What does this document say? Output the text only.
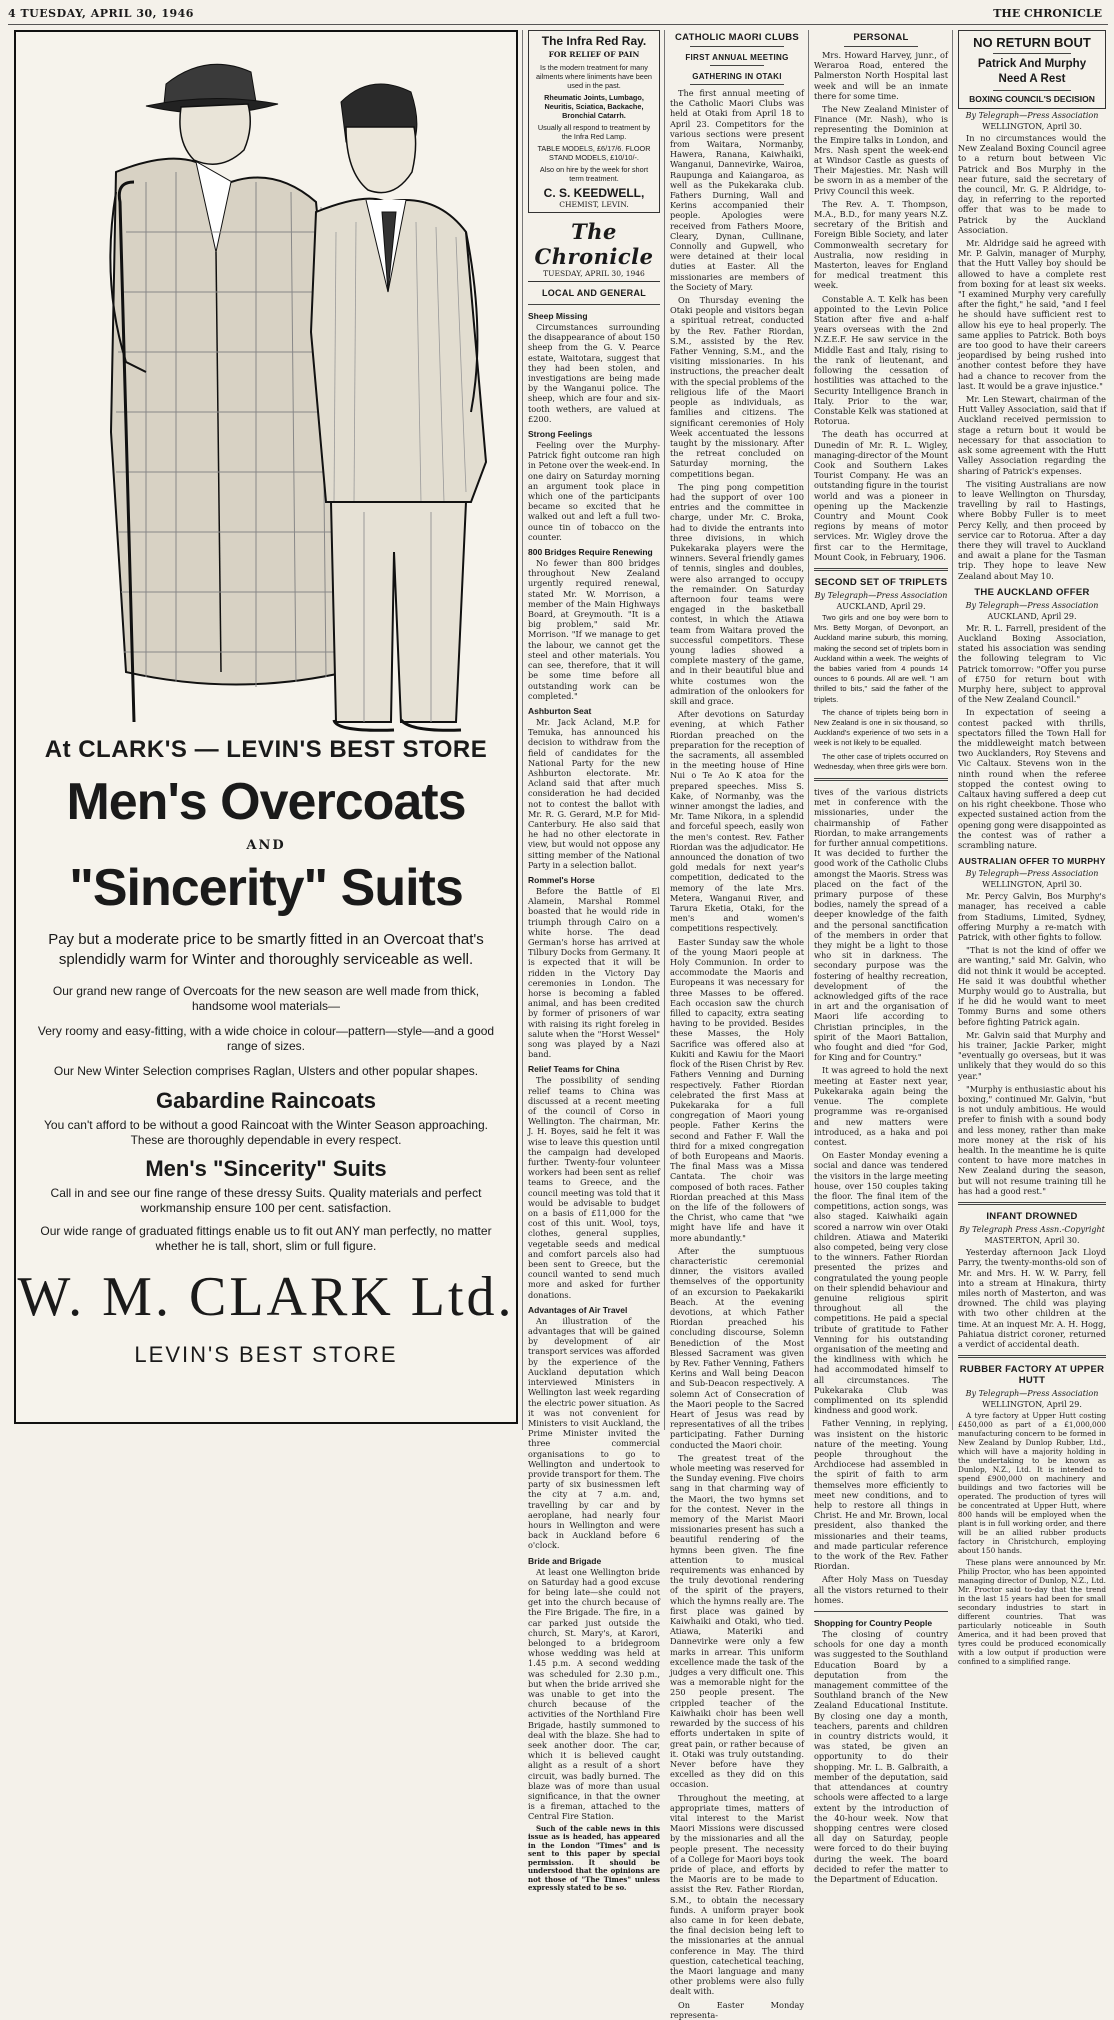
4 TUESDAY, APRIL 30, 1946	THE CHRONICLE
At CLARK'S — LEVIN'S BEST STORE
Men's Overcoats
AND
"Sincerity" Suits
Pay but a moderate price to be smartly fitted in an Overcoat that's splendidly warm for Winter and thoroughly serviceable as well.
Our grand new range of Overcoats for the new season are well made from thick, handsome wool materials—
Very roomy and easy-fitting, with a wide choice in colour—pattern—style—and a good range of sizes.
Our New Winter Selection comprises Raglan, Ulsters and other popular shapes.
Gabardine Raincoats
You can't afford to be without a good Raincoat with the Winter Season approaching. These are thoroughly dependable in every respect.
Men's "Sincerity" Suits
Call in and see our fine range of these dressy Suits. Quality materials and perfect workmanship ensure 100 per cent. satisfaction.
Our wide range of graduated fittings enable us to fit out ANY man perfectly, no matter whether he is tall, short, slim or full figure.
W. M. CLARK Ltd.
LEVIN'S BEST STORE
The Infra Red Ray.
FOR RELIEF OF PAIN
Is the modern treatment for many ailments where liniments have been used in the past.
Rheumatic Joints, Lumbago, Neuritis, Sciatica, Backache, Bronchial Catarrh.
Usually all respond to treatment by the Infra Red Lamp.
TABLE MODELS, £6/17/6. FLOOR STAND MODELS, £10/10/-.
Also on hire by the week for short term treatment.
C. S. KEEDWELL,
CHEMIST, LEVIN.
The Chronicle
TUESDAY, APRIL 30, 1946
LOCAL AND GENERAL
Sheep Missing

Circumstances surrounding the disappearance of about 150 sheep from the G. V. Pearce estate, Waitotara, suggest that they had been stolen, and investigations are being made by the Wanganui police. The sheep, which are four and six-tooth wethers, are valued at £200.

Strong Feelings

Feeling over the Murphy-Patrick fight outcome ran high in Petone over the week-end. In one dairy on Saturday morning an argument took place in which one of the participants became so excited that he walked out and left a full two-ounce tin of tobacco on the counter.

800 Bridges Require Renewing

No fewer than 800 bridges throughout New Zealand urgently required renewal, stated Mr. W. Morrison, a member of the Main Highways Board, at Greymouth. "It is a big problem," said Mr. Morrison. "If we manage to get the labour, we cannot get the steel and other materials. You can see, therefore, that it will be some time before all outstanding work can be completed."

Ashburton Seat

Mr. Jack Acland, M.P. for Temuka, has announced his decision to withdraw from the field of candidates for the National Party for the new Ashburton electorate. Mr. Acland said that after much consideration he had decided not to contest the ballot with Mr. R. G. Gerard, M.P. for Mid-Canterbury. He also said that he had no other electorate in view, but would not oppose any sitting member of the National Party in a selection ballot.

Rommel's Horse

Before the Battle of El Alamein, Marshal Rommel boasted that he would ride in triumph through Cairo on a white horse. The dead German's horse has arrived at Tilbury Docks from Germany. It is expected that it will be ridden in the Victory Day ceremonies in London. The horse is becoming a fabled animal, and has been credited by former of prisoners of war with raising its right foreleg in salute when the "Horst Wessel" song was played by a Nazi band.

Relief Teams for China

The possibility of sending relief teams to China was discussed at a recent meeting of the council of Corso in Wellington. The chairman, Mr. J. H. Boyes, said he felt it was wise to leave this question until the campaign had developed further. Twenty-four volunteer workers had been sent as relief teams to Greece, and the council meeting was told that it would be advisable to budget on a basis of £11,000 for the cost of this unit. Wool, toys, clothes, general supplies, vegetable seeds and medical and comfort parcels also had been sent to Greece, but the council wanted to send much more and asked for further donations.

Advantages of Air Travel

An illustration of the advantages that will be gained by development of air transport services was afforded by the experience of the Auckland deputation which interviewed Ministers in Wellington last week regarding the electric power situation. As it was not convenient for Ministers to visit Auckland, the Prime Minister invited the three commercial organisations to go to Wellington and undertook to provide transport for them. The party of six businessmen left the city at 7 a.m. and, travelling by car and by aeroplane, had nearly four hours in Wellington and were back in Auckland before 6 o'clock.

Bride and Brigade

At least one Wellington bride on Saturday had a good excuse for being late—she could not get into the church because of the Fire Brigade. The fire, in a car parked just outside the church, St. Mary's, at Karori, belonged to a bridegroom whose wedding was held at 1.45 p.m. A second wedding was scheduled for 2.30 p.m., but when the bride arrived she was unable to get into the church because of the activities of the Northland Fire Brigade, hastily summoned to deal with the blaze. She had to seek another door. The car, which it is believed caught alight as a result of a short circuit, was badly burned. The blaze was of more than usual significance, in that the owner is a fireman, attached to the Central Fire Station.

Such of the cable news in this issue as is headed, has appeared in the London "Times" and is sent to this paper by special permission. It should be understood that the opinions are not those of "The Times" unless expressly stated to be so.

CATHOLIC MAORI CLUBS
FIRST ANNUAL MEETING
GATHERING IN OTAKI

The first annual meeting of the Catholic Maori Clubs was held at Otaki from April 18 to April 23. Competitors for the various sections were present from Waitara, Normanby, Hawera, Ranana, Kaiwhaiki, Wanganui, Dannevirke, Wairoa, Raupunga and Kaiangaroa, as well as the Pukekaraka club. Fathers Durning, Wall and Kerins accompanied their people. Apologies were received from Fathers Moore, Cleary, Dynan, Cullinane, Connolly and Gupwell, who were detained at their local duties at Easter. All the missionaries are members of the Society of Mary.

On Thursday evening the Otaki people and visitors began a spiritual retreat, conducted by the Rev. Father Riordan, S.M., assisted by the Rev. Father Venning, S.M., and the visiting missionaries. In his instructions, the preacher dealt with the special problems of the religious life of the Maori people as individuals, as families and citizens. The significant ceremonies of Holy Week accentuated the lessons taught by the missionary. After the retreat concluded on Saturday morning, the competitions began.

The ping pong competition had the support of over 100 entries and the committee in charge, under Mr. C. Broka, had to divide the entrants into three divisions, in which Pukekaraka players were the winners. Several friendly games of tennis, singles and doubles, were also arranged to occupy the remainder. On Saturday afternoon four teams were engaged in the basketball contest, in which the Atiawa team from Waitara proved the successful competitors. These young ladies showed a complete mastery of the game, and in their beautiful blue and white costumes won the admiration of the onlookers for skill and grace.

After devotions on Saturday evening, at which Father Riordan preached on the preparation for the reception of the sacraments, all assembled in the meeting house of Hine Nui o Te Ao K atoa for the prepared speeches. Miss S. Kake, of Normanby, was the winner amongst the ladies, and Mr. Tame Nikora, in a splendid and forceful speech, easily won the men's contest. Rev. Father Riordan was the adjudicator. He announced the donation of two gold medals for next year's competition, dedicated to the memory of the late Mrs. Metera, Wanganui River, and Tarura Eketia, Otaki, for the men's and women's competitions respectively.

Easter Sunday saw the whole of the young Maori people at Holy Communion. In order to accommodate the Maoris and Europeans it was necessary for three Masses to be offered. Each occasion saw the church filled to capacity, extra seating having to be provided. Besides these Masses, the Holy Sacrifice was offered also at Kukiti and Kawiu for the Maori flock of the Risen Christ by Rev. Fathers Venning and Durning respectively. Father Riordan celebrated the first Mass at Pukekaraka for a full congregation of Maori young people. Father Kerins the second and Father F. Wall the third for a mixed congregation of both Europeans and Maoris. The final Mass was a Missa Cantata. The choir was composed of both races. Father Riordan preached at this Mass on the life of the followers of the Christ, who came that "we might have life and have it more abundantly."

After the sumptuous characteristic ceremonial dinner, the visitors availed themselves of the opportunity of an excursion to Paekakariki Beach. At the evening devotions, at which Father Riordan preached his concluding discourse, Solemn Benediction of the Most Blessed Sacrament was given by Rev. Father Venning, Fathers Kerins and Wall being Deacon and Sub-Deacon respectively. A solemn Act of Consecration of the Maori people to the Sacred Heart of Jesus was read by representatives of all the tribes participating. Father Durning conducted the Maori choir.

The greatest treat of the whole meeting was reserved for the Sunday evening. Five choirs sang in that charming way of the Maori, the two hymns set for the contest. Never in the memory of the Marist Maori missionaries present has such a beautiful rendering of the hymns been given. The fine attention to musical requirements was enhanced by the truly devotional rendering of the spirit of the prayers, which the hymns really are. The first place was gained by Kaiwhaiki and Otaki, who tied. Atiawa, Materiki and Dannevirke were only a few marks in arrear. This uniform excellence made the task of the judges a very difficult one. This was a memorable night for the 250 people present. The crippled teacher of the Kaiwhaiki choir has been well rewarded by the success of his efforts undertaken in spite of great pain, or rather because of it. Otaki was truly outstanding. Never before have they excelled as they did on this occasion.

Throughout the meeting, at appropriate times, matters of vital interest to the Marist Maori Missions were discussed by the missionaries and all the people present. The necessity of a College for Maori boys took pride of place, and efforts by the Maoris are to be made to assist the Rev. Father Riordan, S.M., to obtain the necessary funds. A uniform prayer book also came in for keen debate, the final decision being left to the missionaries at the annual conference in May. The third question, catechetical teaching, the Maori language and many other problems were also fully dealt with.

On Easter Monday representa-

PERSONAL

Mrs. Howard Harvey, junr., of Weraroa Road, entered the Palmerston North Hospital last week and will be an inmate there for some time.

The New Zealand Minister of Finance (Mr. Nash), who is representing the Dominion at the Empire talks in London, and Mrs. Nash spent the week-end at Windsor Castle as guests of Their Majesties. Mr. Nash will be sworn in as a member of the Privy Council this week.

The Rev. A. T. Thompson, M.A., B.D., for many years N.Z. secretary of the British and Foreign Bible Society, and later Commonwealth secretary for Australia, now residing in Masterton, leaves for England for medical treatment this week.

Constable A. T. Kelk has been appointed to the Levin Police Station after five and a-half years overseas with the 2nd N.Z.E.F. He saw service in the Middle East and Italy, rising to the rank of lieutenant, and following the cessation of hostilities was attached to the Security Intelligence Branch in Italy. Prior to the war, Constable Kelk was stationed at Rotorua.

The death has occurred at Dunedin of Mr. R. L. Wigley, managing-director of the Mount Cook and Southern Lakes Tourist Company. He was an outstanding figure in the tourist world and was a pioneer in opening up the Mackenzie Country and Mount Cook regions by means of motor services. Mr. Wigley drove the first car to the Hermitage, Mount Cook, in February, 1906.

SECOND SET OF TRIPLETS
By Telegraph—Press Association
AUCKLAND, April 29.

Two girls and one boy were born to Mrs. Betty Morgan, of Devonport, an Auckland marine suburb, this morning, making the second set of triplets born in Auckland within a week. The weights of the babies varied from 4 pounds 14 ounces to 6 pounds. All are well. "I am thrilled to bits," said the father of the triplets.

The chance of triplets being born in New Zealand is one in six thousand, so Auckland's experience of two sets in a week is not likely to be equalled.

The other case of triplets occurred on Wednesday, when three girls were born.

tives of the various districts met in conference with the missionaries, under the chairmanship of Father Riordan, to make arrangements for further annual competitions. It was decided to further the good work of the Catholic Clubs amongst the Maoris. Stress was placed on the fact of the primary purpose of these bodies, namely the spread of a deeper knowledge of the faith and the personal sanctification of the members in order that they might be a light to those who sit in darkness. The secondary purpose was the fostering of healthy recreation, development of the acknowledged gifts of the race in art and the organisation of Maori life according to Christian principles, in the spirit of the Maori Battalion, who fought and died "for God, for King and for Country."

It was agreed to hold the next meeting at Easter next year, Pukekaraka again being the venue. The complete programme was re-organised and new matters were introduced, as a haka and poi contest.

On Easter Monday evening a social and dance was tendered the visitors in the large meeting house, over 150 couples taking the floor. The final item of the competitions, action songs, was also staged. Kaiwhaiki again scored a narrow win over Otaki children. Atiawa and Materiki also competed, being very close to the winners. Father Riordan presented the prizes and congratulated the young people on their splendid behaviour and genuine religious spirit throughout all the competitions. He paid a special tribute of gratitude to Father Venning for his outstanding organisation of the meeting and the kindliness with which he had accommodated himself to all circumstances. The Pukekaraka Club was complimented on its splendid kindness and good work.

Father Venning, in replying, was insistent on the historic nature of the meeting. Young people throughout the Archdiocese had assembled in the spirit of faith to arm themselves more efficiently to meet new conditions, and to help to restore all things in Christ. He and Mr. Brown, local president, also thanked the missionaries and their teams, and made particular reference to the work of the Rev. Father Riordan.

After Holy Mass on Tuesday all the vistors returned to their homes.

Shopping for Country People

The closing of country schools for one day a month was suggested to the Southland Education Board by a deputation from the management committee of the Southland branch of the New Zealand Educational Institute. By closing one day a month, teachers, parents and children in country districts would, it was stated, be given an opportunity to do their shopping. Mr. L. B. Galbraith, a member of the deputation, said that attendances at country schools were affected to a large extent by the introduction of the 40-hour week. Now that shopping centres were closed all day on Saturday, people were forced to do their buying during the week. The board decided to refer the matter to the Department of Education.

NO RETURN BOUT
Patrick And Murphy Need A Rest
BOXING COUNCIL'S DECISION
By Telegraph—Press Association
WELLINGTON, April 30.

In no circumstances would the New Zealand Boxing Council agree to a return bout between Vic Patrick and Bos Murphy in the near future, said the secretary of the council, Mr. G. P. Aldridge, to-day, in referring to the reported offer that was to be made to Patrick by the Auckland Association.

Mr. Aldridge said he agreed with Mr. P. Galvin, manager of Murphy, that the Hutt Valley boy should be allowed to have a complete rest from boxing for at least six weeks. "I examined Murphy very carefully after the fight," he said, "and I feel he should have sufficient rest to allow his eye to heal properly. The same applies to Patrick. Both boys are too good to have their careers jeopardised by being rushed into another contest before they have had a chance to recover from the last. It would be a grave injustice."

Mr. Len Stewart, chairman of the Hutt Valley Association, said that if Auckland received permission to stage a return bout it would be necessary for that association to ask some agreement with the Hutt Valley Association regarding the sharing of Patrick's expenses.

The visiting Australians are now to leave Wellington on Thursday, travelling by rail to Hastings, where Bobby Fuller is to meet Percy Kelly, and then proceed by service car to Rotorua. After a day there they will travel to Auckland and await a plane for the Tasman trip. They hope to leave New Zealand about May 10.

THE AUCKLAND OFFER
By Telegraph—Press Association
AUCKLAND, April 29.

Mr. R. L. Farrell, president of the Auckland Boxing Association, stated his association was sending the following telegram to Vic Patrick tomorrow: "Offer you purse of £750 for return bout with Murphy here, subject to approval of the New Zealand Council."

In expectation of seeing a contest packed with thrills, spectators filled the Town Hall for the middleweight match between two Aucklanders, Roy Stevens and Vic Caltaux. Stevens won in the ninth round when the referee stopped the contest owing to Caltaux having suffered a deep cut on his right cheekbone. Those who expected sustained action from the opening gong were disappointed as the contest was of rather a scrambling nature.

AUSTRALIAN OFFER TO MURPHY
By Telegraph—Press Association
WELLINGTON, April 30.

Mr. Percy Galvin, Bos Murphy's manager, has received a cable from Stadiums, Limited, Sydney, offering Murphy a re-match with Patrick, with other fights to follow.

"That is not the kind of offer we are wanting," said Mr. Galvin, who did not think it would be accepted. He said it was doubtful whether Murphy would go to Australia, but if he did he would want to meet Tommy Burns and some others before fighting Patrick again.

Mr. Galvin said that Murphy and his trainer, Jackie Parker, might "eventually go overseas, but it was unlikely that they would do so this year."

"Murphy is enthusiastic about his boxing," continued Mr. Galvin, "but is not unduly ambitious. He would prefer to finish with a sound body and less money, rather than make more money at the risk of his health. In the meantime he is quite content to have more matches in New Zealand during the season, but will not resume training till he has had a good rest."

INFANT DROWNED
By Telegraph Press Assn.-Copyright
MASTERTON, April 30.

Yesterday afternoon Jack Lloyd Parry, the twenty-months-old son of Mr. and Mrs. H. W. W. Parry, fell into a stream at Hinakura, thirty miles north of Masterton, and was drowned. The child was playing with two other children at the time. At an inquest Mr. A. H. Hogg, Pahiatua district coroner, returned a verdict of accidental death.

RUBBER FACTORY AT UPPER HUTT
By Telegraph—Press Association
WELLINGTON, April 29.

A tyre factory at Upper Hutt costing £450,000 as part of a £1,000,000 manufacturing concern to be formed in New Zealand by Dunlop Rubber, Ltd., which will have a majority holding in the undertaking to be known as Dunlop, N.Z., Ltd. It is intended to spend £900,000 on machinery and buildings and two factories will be operated. The production of tyres will be concentrated at Upper Hutt, where 800 hands will be employed when the plant is in full working order, and there will be an allied rubber products factory in Christchurch, employing about 150 hands.

These plans were announced by Mr. Philip Proctor, who has been appointed managing director of Dunlop, N.Z., Ltd. Mr. Proctor said to-day that the trend in the last 15 years had been for small secondary industries to start in different countries. That was particularly noticeable in South America, and it had been proved that tyres could be produced economically with a low output if production were confined to a simplified range.
